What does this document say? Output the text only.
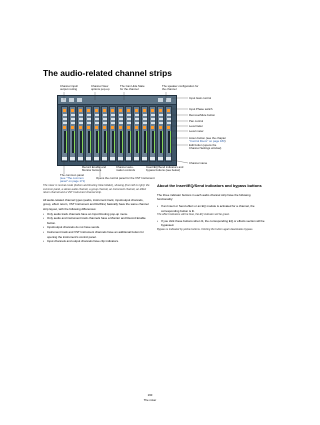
The audio-related channel strips
Channel input/
output routing
Channel View
options pop-up
The Can Hide State
for the channel
The speaker configuration for
the channel
Input Gain control
Input Phase switch
Remove/Mute button
Pan control
Level fader
Level meter
Listen button (see the chapter
"Control Room" on page 183)
Edit button (opens the
Channel Settings window)
Channel name
Record Enable and
Monitor buttons
Channel auto-
mation controls
Insert/EQ/Send indicators and
bypass buttons (see below)
The common panel
(see "The common
panel" on page 171)
Opens the control panel for the VST Instrument
The mixer in normal mode (bottom and Routing View hidden), showing (from left to right): the common panel, a stereo audio channel, a group channel, an instrument channel, an effect return channel and a VST Instrument channel strip.
All audio-related channel types (audio, instrument track, input/output channels, group, effect return, VST Instrument and ReWire) basically have the same channel strip layout, with the following differences:
• Only audio track channels have an Input Routing pop-up menu.
• Only audio and instrument track channels have a Monitor and Record Enable button.
• Input/output channels do not have sends.
• Instrument track and VST Instrument channels have an additional button for opening the instrument's control panel.
• Input channels and output channels have clip indicators.
About the Insert/EQ/Send indicators and bypass buttons
The three indicator buttons in each audio channel strip have the following functionality:
• If an Insert or Send effect or an EQ module is activated for a channel, the corresponding button is lit.
The effect indicators will be blue, the EQ indicator will be green.
• If you click these buttons when lit, the corresponding EQ or effects section will be bypassed.
Bypass is indicated by yellow buttons. Clicking the button again deactivates bypass.
160
The mixer
